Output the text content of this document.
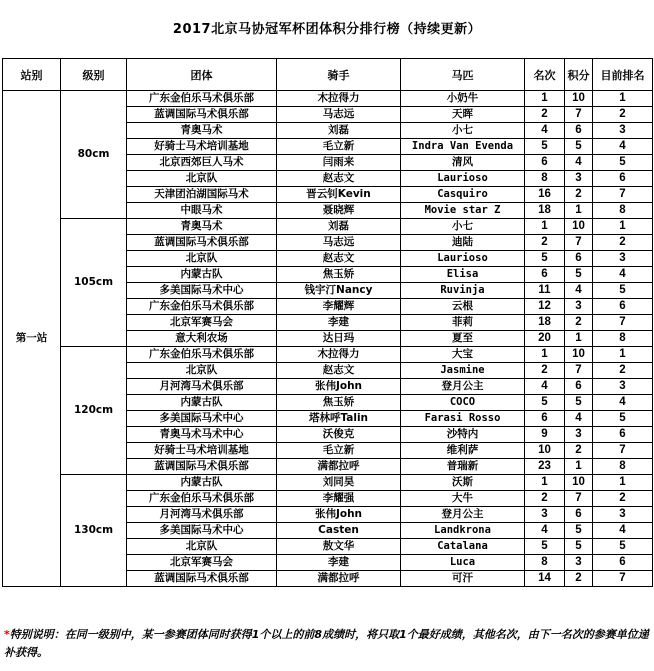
2017北京马协冠军杯团体积分排行榜（持续更新）
站别	级别	团体	骑手	马匹	名次	积分	目前排名
第一站	80cm	广东金伯乐马术俱乐部	木拉得力	小奶牛	1	10	1
		蓝调国际马术俱乐部	马志远	天晖	2	7	2
		青奥马术	刘磊	小七	4	6	3
		好骑士马术培训基地	毛立新	Indra Van Evenda	5	5	4
		北京西郊巨人马术	闫雨来	清风	6	4	5
		北京队	赵志文	Laurioso	8	3	6
		天津团泊湖国际马术	晋云钊Kevin	Casquiro	16	2	7
		中眼马术	聂晓辉	Movie star Z	18	1	8
	105cm	青奥马术	刘磊	小七	1	10	1
		蓝调国际马术俱乐部	马志远	迪陆	2	7	2
		北京队	赵志文	Laurioso	5	6	3
		内蒙古队	焦玉娇	Elisa	6	5	4
		多美国际马术中心	钱宇汀Nancy	Ruvinja	11	4	5
		广东金伯乐马术俱乐部	李耀辉	云根	12	3	6
		北京军赛马会	李建	菲莉	18	2	7
		意大利农场	达日玛	夏至	20	1	8
	120cm	广东金伯乐马术俱乐部	木拉得力	大宝	1	10	1
		北京队	赵志文	Jasmine	2	7	2
		月河湾马术俱乐部	张伟John	登月公主	4	6	3
		内蒙古队	焦玉娇	COCO	5	5	4
		多美国际马术中心	塔林呼Talin	Farasi Rosso	6	4	5
		青奥马术马术中心	沃俊克	沙特内	9	3	6
		好骑士马术培训基地	毛立新	维利萨	10	2	7
		蓝调国际马术俱乐部	满都拉呼	普瑞新	23	1	8
	130cm	内蒙古队	刘同昊	沃斯	1	10	1
		广东金伯乐马术俱乐部	李耀强	大牛	2	7	2
		月河湾马术俱乐部	张伟John	登月公主	3	6	3
		多美国际马术中心	Casten	Landkrona	4	5	4
		北京队	敖文华	Catalana	5	5	5
		北京军赛马会	李建	Luca	8	3	6
		蓝调国际马术俱乐部	满都拉呼	可汗	14	2	7
*特别说明：在同一级别中，某一参赛团体同时获得1个以上的前8成绩时，将只取1个最好成绩，其他名次，由下一名次的参赛单位递补获得。
